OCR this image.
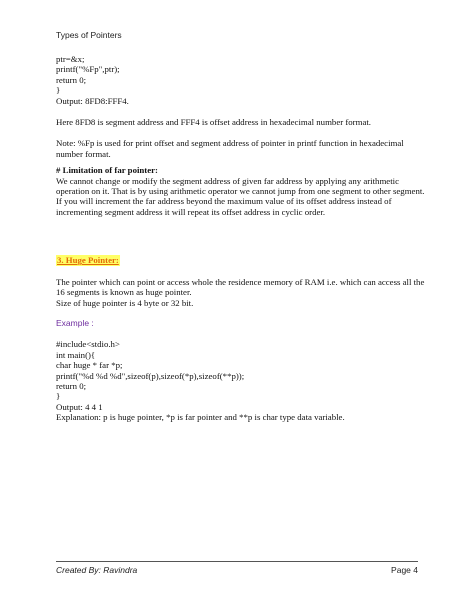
Types of Pointers
ptr=&x;
printf("%Fp",ptr);
return 0;
}
Output: 8FD8:FFF4.
Here 8FD8 is segment address and FFF4 is offset address in hexadecimal number format.
Note: %Fp is used for print offset and segment address of pointer in printf function in hexadecimal number format.
# Limitation of far pointer:
We cannot change or modify the segment address of given far address by applying any arithmetic operation on it. That is by using arithmetic operator we cannot jump from one segment to other segment. If you will increment the far address beyond the maximum value of its offset address instead of incrementing segment address it will repeat its offset address in cyclic order.
3. Huge Pointer:
The pointer which can point or access whole the residence memory of RAM i.e. which can access all the 16 segments is known as huge pointer.
Size of huge pointer is 4 byte or 32 bit.
Example :
#include<stdio.h>
int main(){
char huge * far *p;
printf("%d %d %d",sizeof(p),sizeof(*p),sizeof(**p));
return 0;
}
Output: 4 4 1
Explanation: p is huge pointer, *p is far pointer and **p is char type data variable.
Created By: Ravindra	Page 4
